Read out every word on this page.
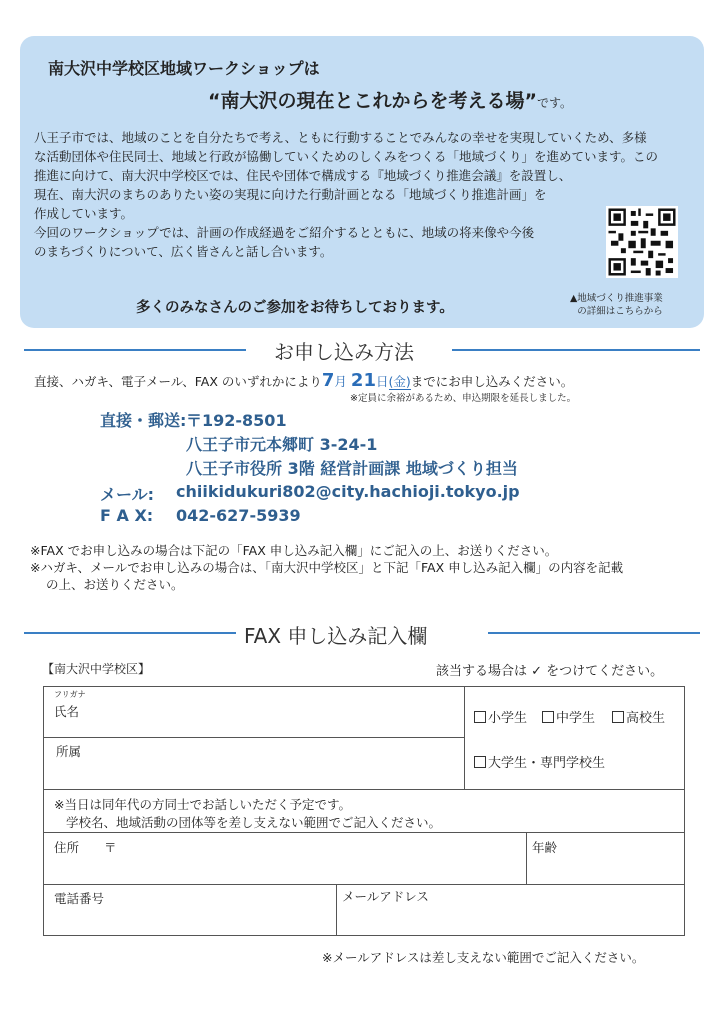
南大沢中学校区地域ワークショップは
“南大沢の現在とこれからを考える場”です。

八王子市では、地域のことを自分たちで考え、ともに行動することでみんなの幸せを実現していくため、多様

な活動団体や住民同士、地域と行政が協働していくためのしくみをつくる「地域づくり」を進めています。この

推進に向けて、南大沢中学校区では、住民や団体で構成する『地域づくり推進会議』を設置し、

現在、南大沢のまちのありたい姿の実現に向けた行動計画となる「地域づくり推進計画」を

作成しています。

今回のワークショップでは、計画の作成経過をご紹介するとともに、地域の将来像や今後

のまちづくりについて、広く皆さんと話し合います。

多くのみなさんのご参加をお待ちしております。
▲地域づくり推進事業
の詳細はこちらから
お申し込み方法
直接、ハガキ、電子メール、FAX のいずれかにより7月 21日(金)までにお申し込みください。
※定員に余裕があるため、申込期限を延長しました。
直接・郵送: 〒192-8501
八王子市元本郷町 3-24-1
八王子市役所 3階 経営計画課 地域づくり担当
メール: chiikidukuri802@city.hachioji.tokyo.jp
F A X: 042-627-5939
※FAX でお申し込みの場合は下記の「FAX 申し込み記入欄」にご記入の上、お送りください。
※ハガキ、メールでお申し込みの場合は、「南大沢中学校区」と下記「FAX 申し込み記入欄」の内容を記載
の上、お送りください。
FAX 申し込み記入欄
【南大沢中学校区】	該当する場合は ✓ をつけてください。
フリガナ
氏名
所属
小学生	中学生	高校生
大学生・専門学校生
※当日は同年代の方同士でお話しいただく予定です。
学校名、地域活動の団体等を差し支えない範囲でご記入ください。
住所 〒	年齢
電話番号	メールアドレス
※メールアドレスは差し支えない範囲でご記入ください。
